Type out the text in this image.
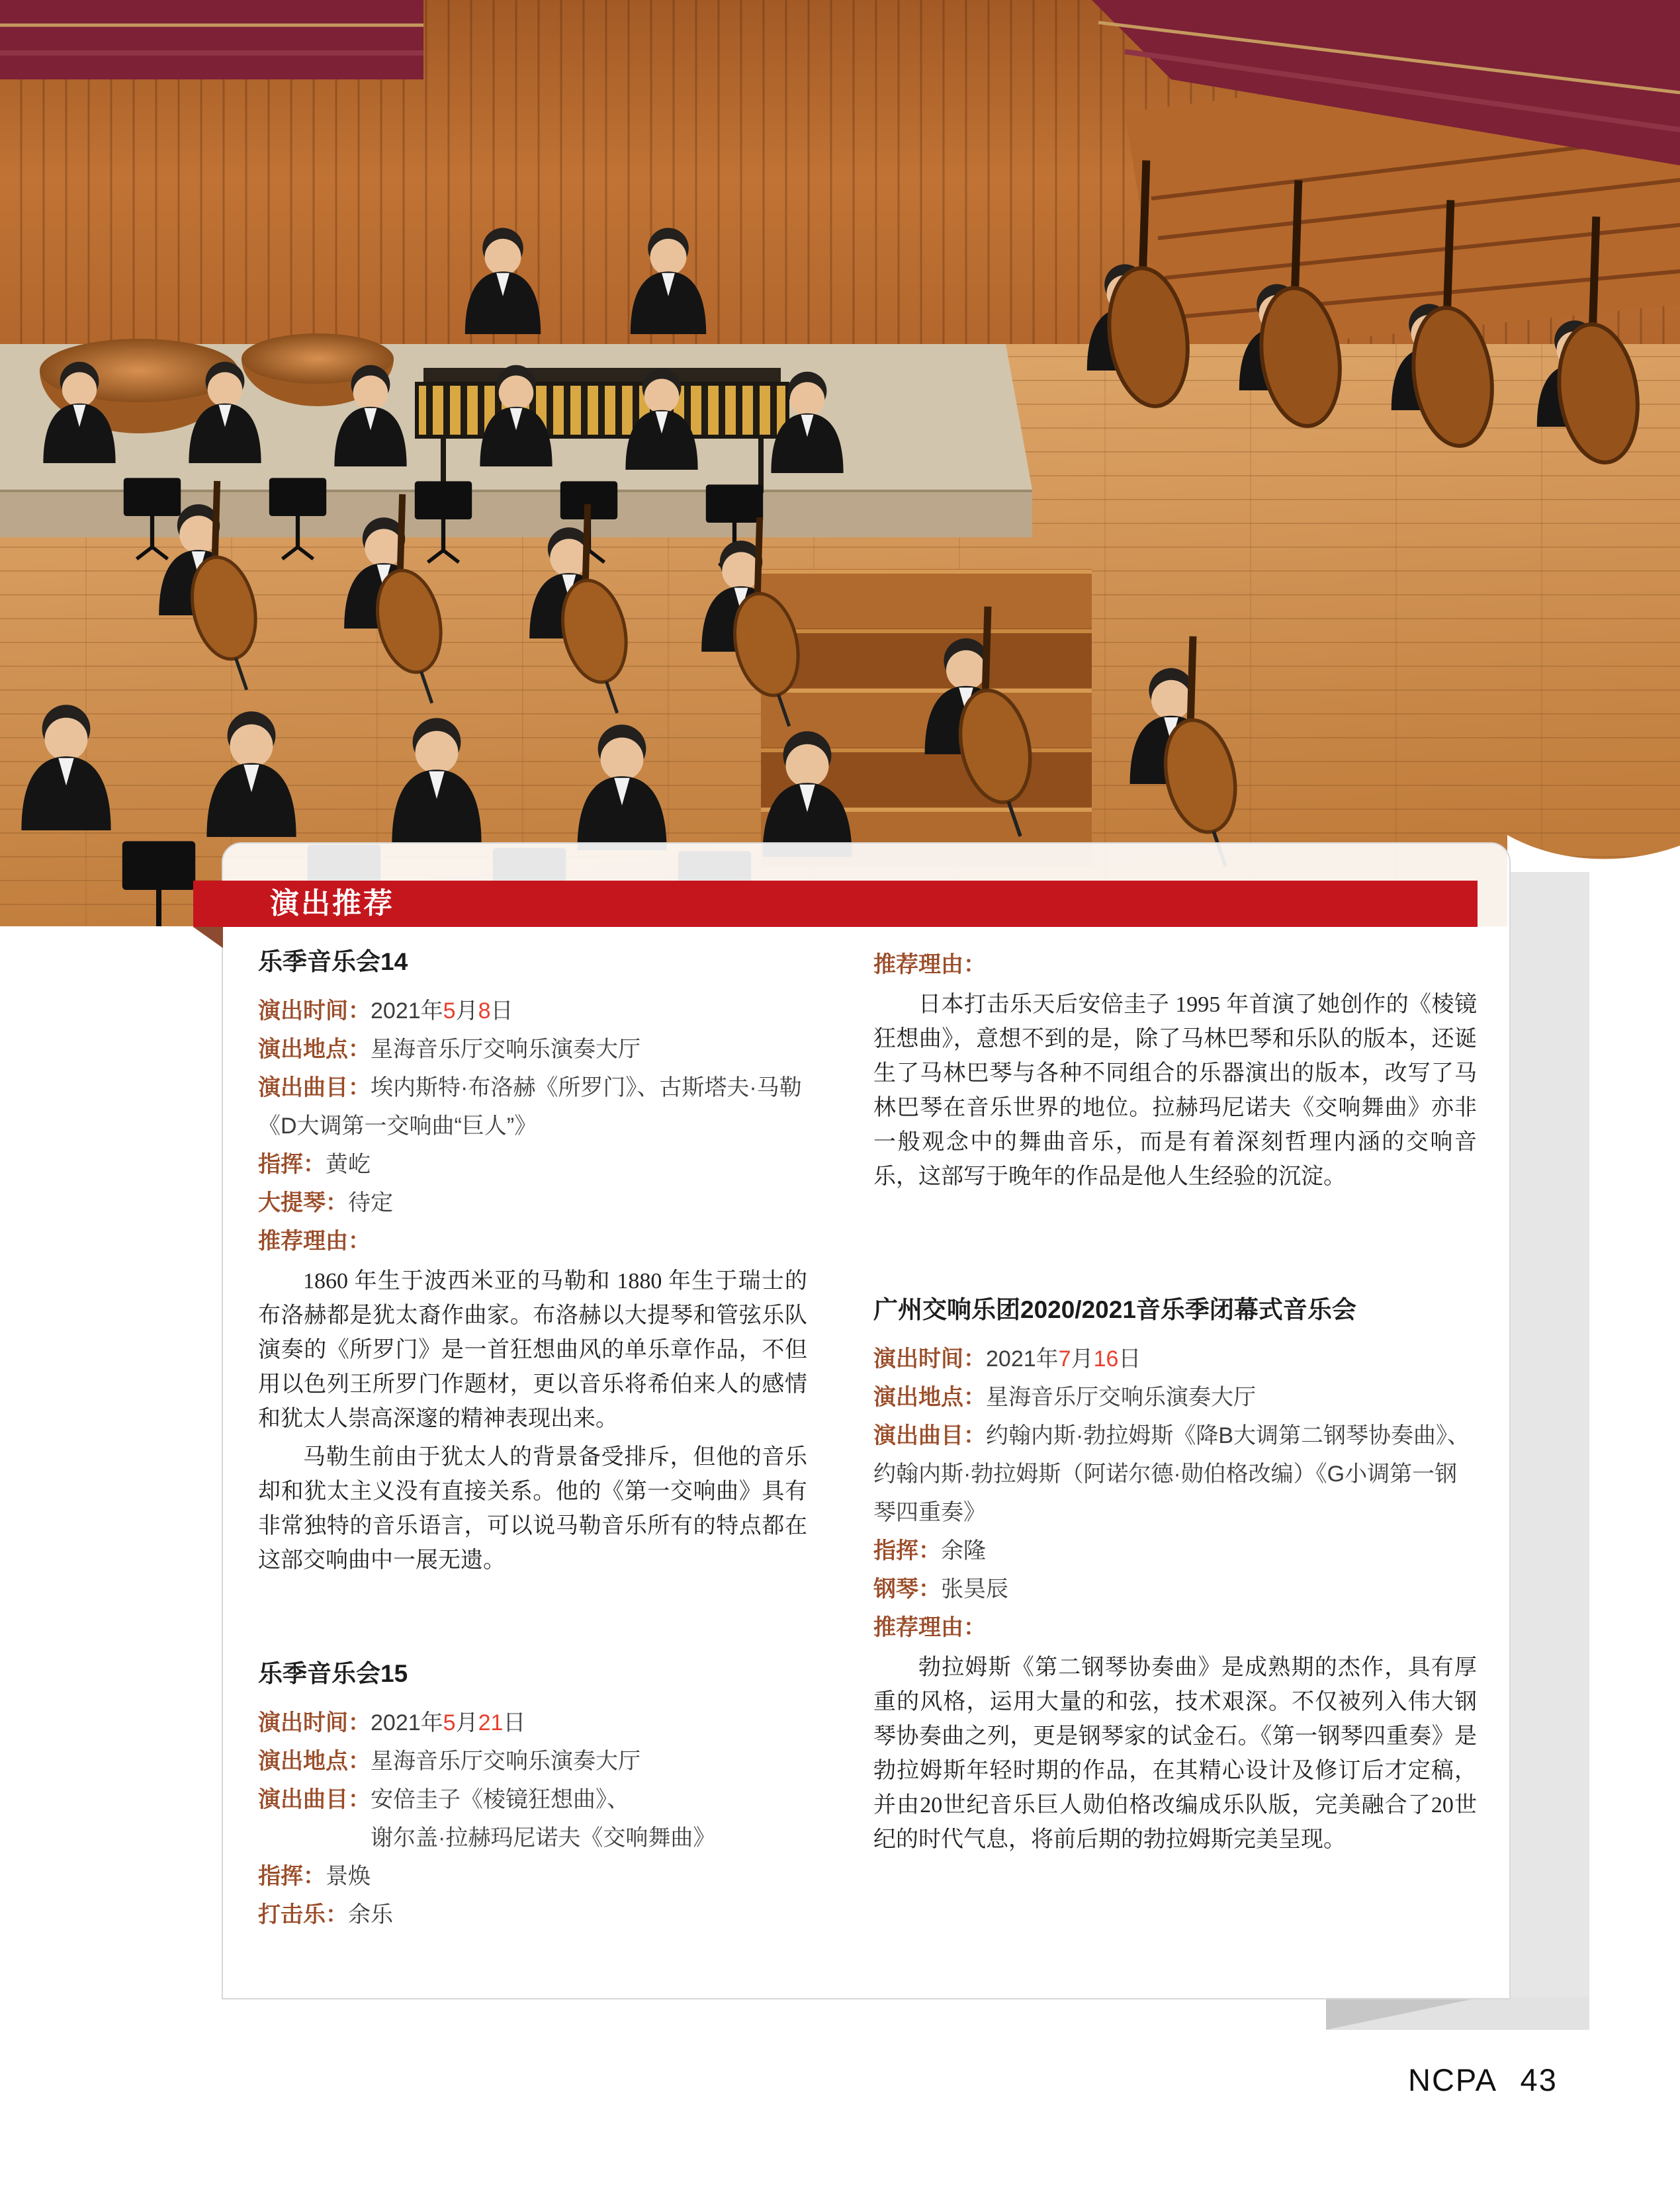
乐季音乐会14
演出时间：2021年5月8日
演出地点：星海音乐厅交响乐演奏大厅
演出曲目：埃内斯特·布洛赫《所罗门》、古斯塔夫·马勒《D大调第一交响曲“巨人”》
指挥：黄屹
大提琴：待定
推荐理由：

1860 年生于波西米亚的马勒和 1880 年生于瑞士的布洛赫都是犹太裔作曲家。布洛赫以大提琴和管弦乐队演奏的《所罗门》是一首狂想曲风的单乐章作品，不但用以色列王所罗门作题材，更以音乐将希伯来人的感情和犹太人崇高深邃的精神表现出来。

马勒生前由于犹太人的背景备受排斥，但他的音乐却和犹太主义没有直接关系。他的《第一交响曲》具有非常独特的音乐语言，可以说马勒音乐所有的特点都在这部交响曲中一展无遗。

乐季音乐会15
演出时间：2021年5月21日
演出地点：星海音乐厅交响乐演奏大厅
演出曲目： 安倍圭子《棱镜狂想曲》、
谢尔盖·拉赫玛尼诺夫《交响舞曲》
指挥：景焕
打击乐：余乐
推荐理由：

日本打击乐天后安倍圭子 1995 年首演了她创作的《棱镜狂想曲》，意想不到的是，除了马林巴琴和乐队的版本，还诞生了马林巴琴与各种不同组合的乐器演出的版本，改写了马林巴琴在音乐世界的地位。拉赫玛尼诺夫《交响舞曲》亦非一般观念中的舞曲音乐，而是有着深刻哲理内涵的交响音乐，这部写于晚年的作品是他人生经验的沉淀。

广州交响乐团2020/2021音乐季闭幕式音乐会
演出时间：2021年7月16日
演出地点：星海音乐厅交响乐演奏大厅
演出曲目：约翰内斯·勃拉姆斯《降B大调第二钢琴协奏曲》、约翰内斯·勃拉姆斯（阿诺尔德·勋伯格改编）《G小调第一钢琴四重奏》
指挥：余隆
钢琴：张昊辰
推荐理由：

勃拉姆斯《第二钢琴协奏曲》是成熟期的杰作，具有厚重的风格，运用大量的和弦，技术艰深。不仅被列入伟大钢琴协奏曲之列，更是钢琴家的试金石。《第一钢琴四重奏》是勃拉姆斯年轻时期的作品，在其精心设计及修订后才定稿，并由20世纪音乐巨人勋伯格改编成乐队版，完美融合了20世纪的时代气息，将前后期的勃拉姆斯完美呈现。

演出推荐
NCPA 43
